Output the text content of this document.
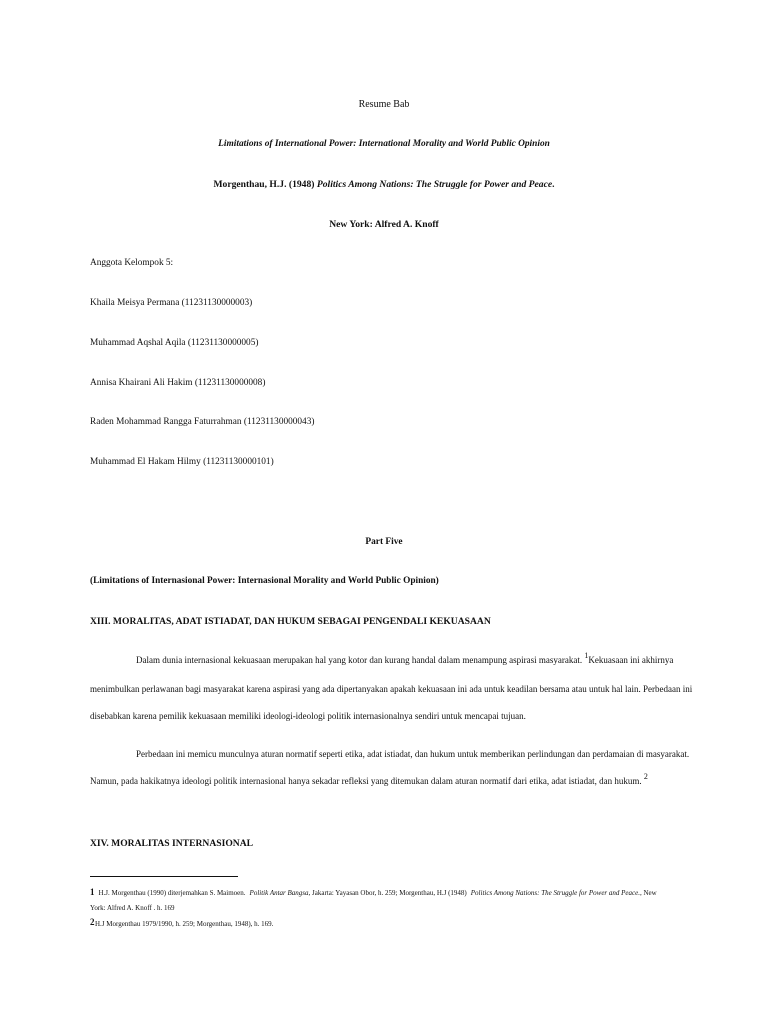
Resume Bab
Limitations of International Power: International Morality and World Public Opinion
Morgenthau, H.J. (1948) Politics Among Nations: The Struggle for Power and Peace.
New York: Alfred A. Knoff
Anggota Kelompok 5:
Khaila Meisya Permana (11231130000003)
Muhammad Aqshal Aqila (11231130000005)
Annisa Khairani Ali Hakim (11231130000008)
Raden Mohammad Rangga Faturrahman (11231130000043)
Muhammad El Hakam Hilmy (11231130000101)
Part Five
(Limitations of Internasional Power: Internasional Morality and World Public Opinion)
XIII. MORALITAS, ADAT ISTIADAT, DAN HUKUM SEBAGAI PENGENDALI KEKUASAAN
Dalam dunia internasional kekuasaan merupakan hal yang kotor dan kurang handal dalam menampung aspirasi masyarakat. $^1$Kekuasaan ini akhirnya
menimbulkan perlawanan bagi masyarakat karena aspirasi yang ada dipertanyakan apakah kekuasaan ini ada untuk keadilan bersama atau untuk hal lain. Perbedaan ini
disebabkan karena pemilik kekuasaan memiliki ideologi-ideologi politik internasionalnya sendiri untuk mencapai tujuan.
Perbedaan ini memicu munculnya aturan normatif seperti etika, adat istiadat, dan hukum untuk memberikan perlindungan dan perdamaian di masyarakat.
Namun, pada hakikatnya ideologi politik internasional hanya sekadar refleksi yang ditemukan dalam aturan normatif dari etika, adat istiadat, dan hukum. $^2$
XIV. MORALITAS INTERNASIONAL
1 H.J. Morgenthau (1990) diterjemahkan S. Maimoen. Politik Antar Bangsa, Jakarta: Yayasan Obor, h. 259; Morgenthau, H.J (1948) Politics Among Nations: The Struggle for Power and Peace., New
York: Alfred A. Knoff . h. 169
2 H.J Morgenthau 1979/1990, h. 259; Morgenthau, 1948), h. 169.
